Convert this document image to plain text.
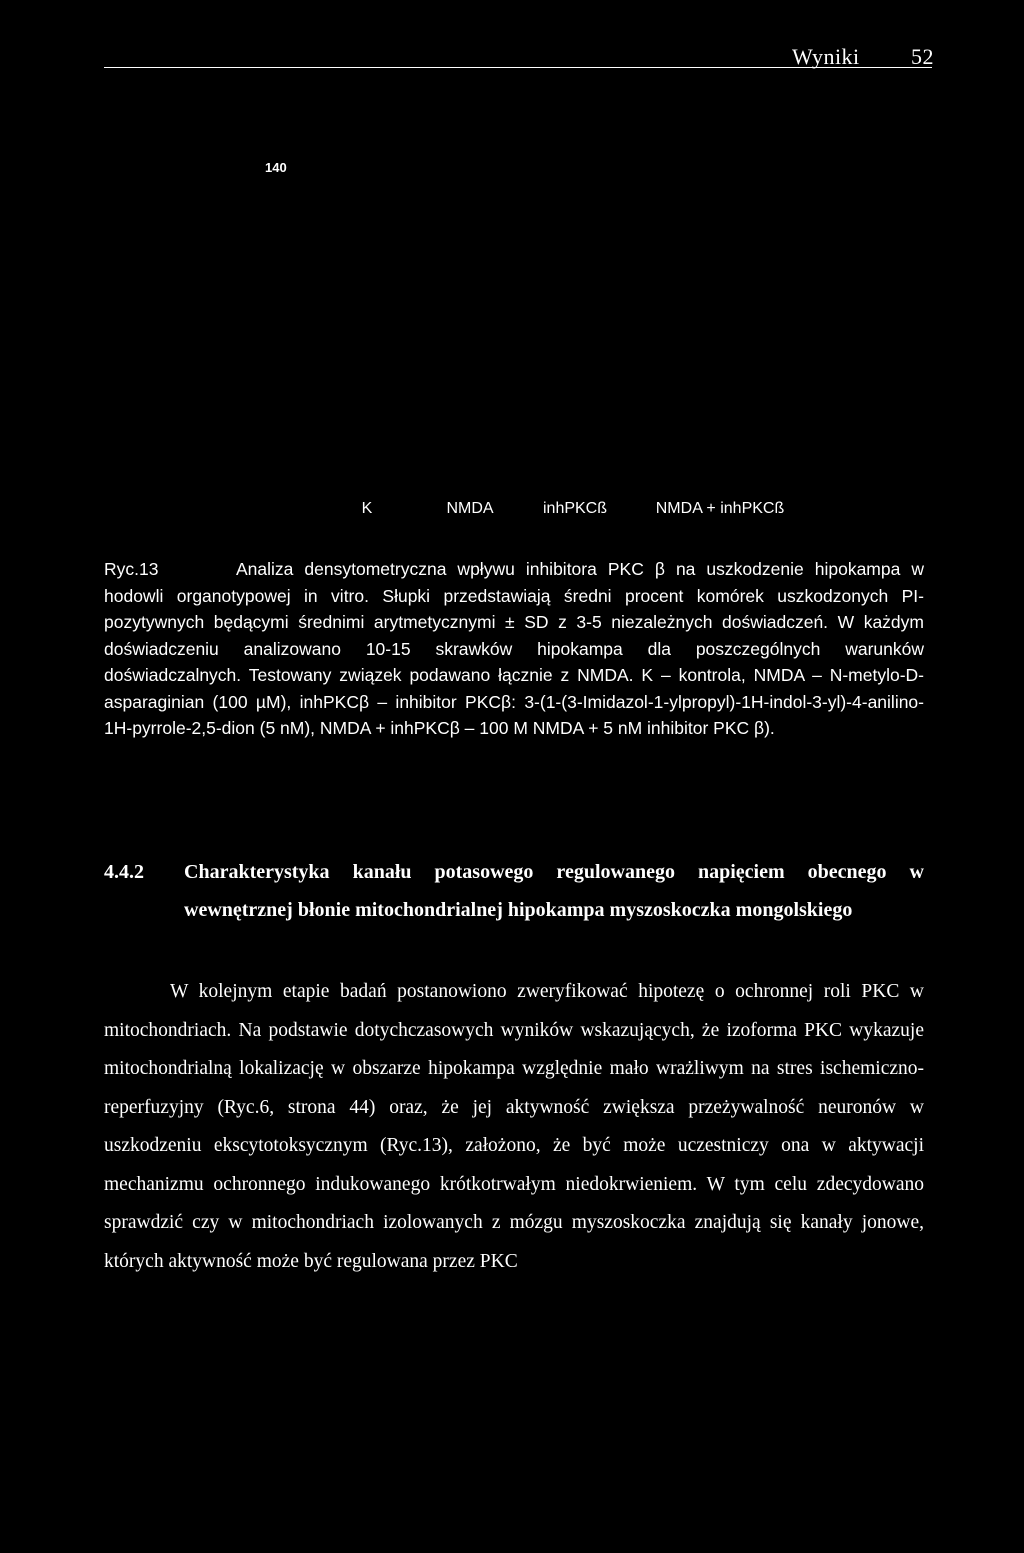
Wyniki 52
140
K	NMDA	inhPKCß	NMDA + inhPKCß
Ryc.13	Analiza densytometryczna wpływu inhibitora PKC β na uszkodzenie hipokampa w hodowli organotypowej in vitro. Słupki przedstawiają średni procent komórek uszkodzonych PI-pozytywnych będącymi średnimi arytmetycznymi ± SD z 3-5 niezależnych doświadczeń. W każdym doświadczeniu analizowano 10-15 skrawków hipokampa dla poszczególnych warunków doświadczalnych. Testowany związek podawano łącznie z NMDA. K – kontrola, NMDA – N-metylo-D-asparaginian (100 µM), inhPKCβ – inhibitor PKCβ: 3-(1-(3-Imidazol-1-ylpropyl)-1H-indol-3-yl)-4-anilino-1H-pyrrole-2,5-dion (5 nM), NMDA + inhPKCβ – 100 M NMDA + 5 nM inhibitor PKC β).
4.4.2 Charakterystyka kanału potasowego regulowanego napięciem obecnego w wewnętrznej błonie mitochondrialnej hipokampa myszoskoczka mongolskiego
W kolejnym etapie badań postanowiono zweryfikować hipotezę o ochronnej roli PKC w mitochondriach. Na podstawie dotychczasowych wyników wskazujących, że izoforma PKC wykazuje mitochondrialną lokalizację w obszarze hipokampa względnie mało wrażliwym na stres ischemiczno-reperfuzyjny (Ryc.6, strona 44) oraz, że jej aktywność zwiększa przeżywalność neuronów w uszkodzeniu ekscytotoksycznym (Ryc.13), założono, że być może uczestniczy ona w aktywacji mechanizmu ochronnego indukowanego krótkotrwałym niedokrwieniem. W tym celu zdecydowano sprawdzić czy w mitochondriach izolowanych z mózgu myszoskoczka znajdują się kanały jonowe, których aktywność może być regulowana przez PKC
